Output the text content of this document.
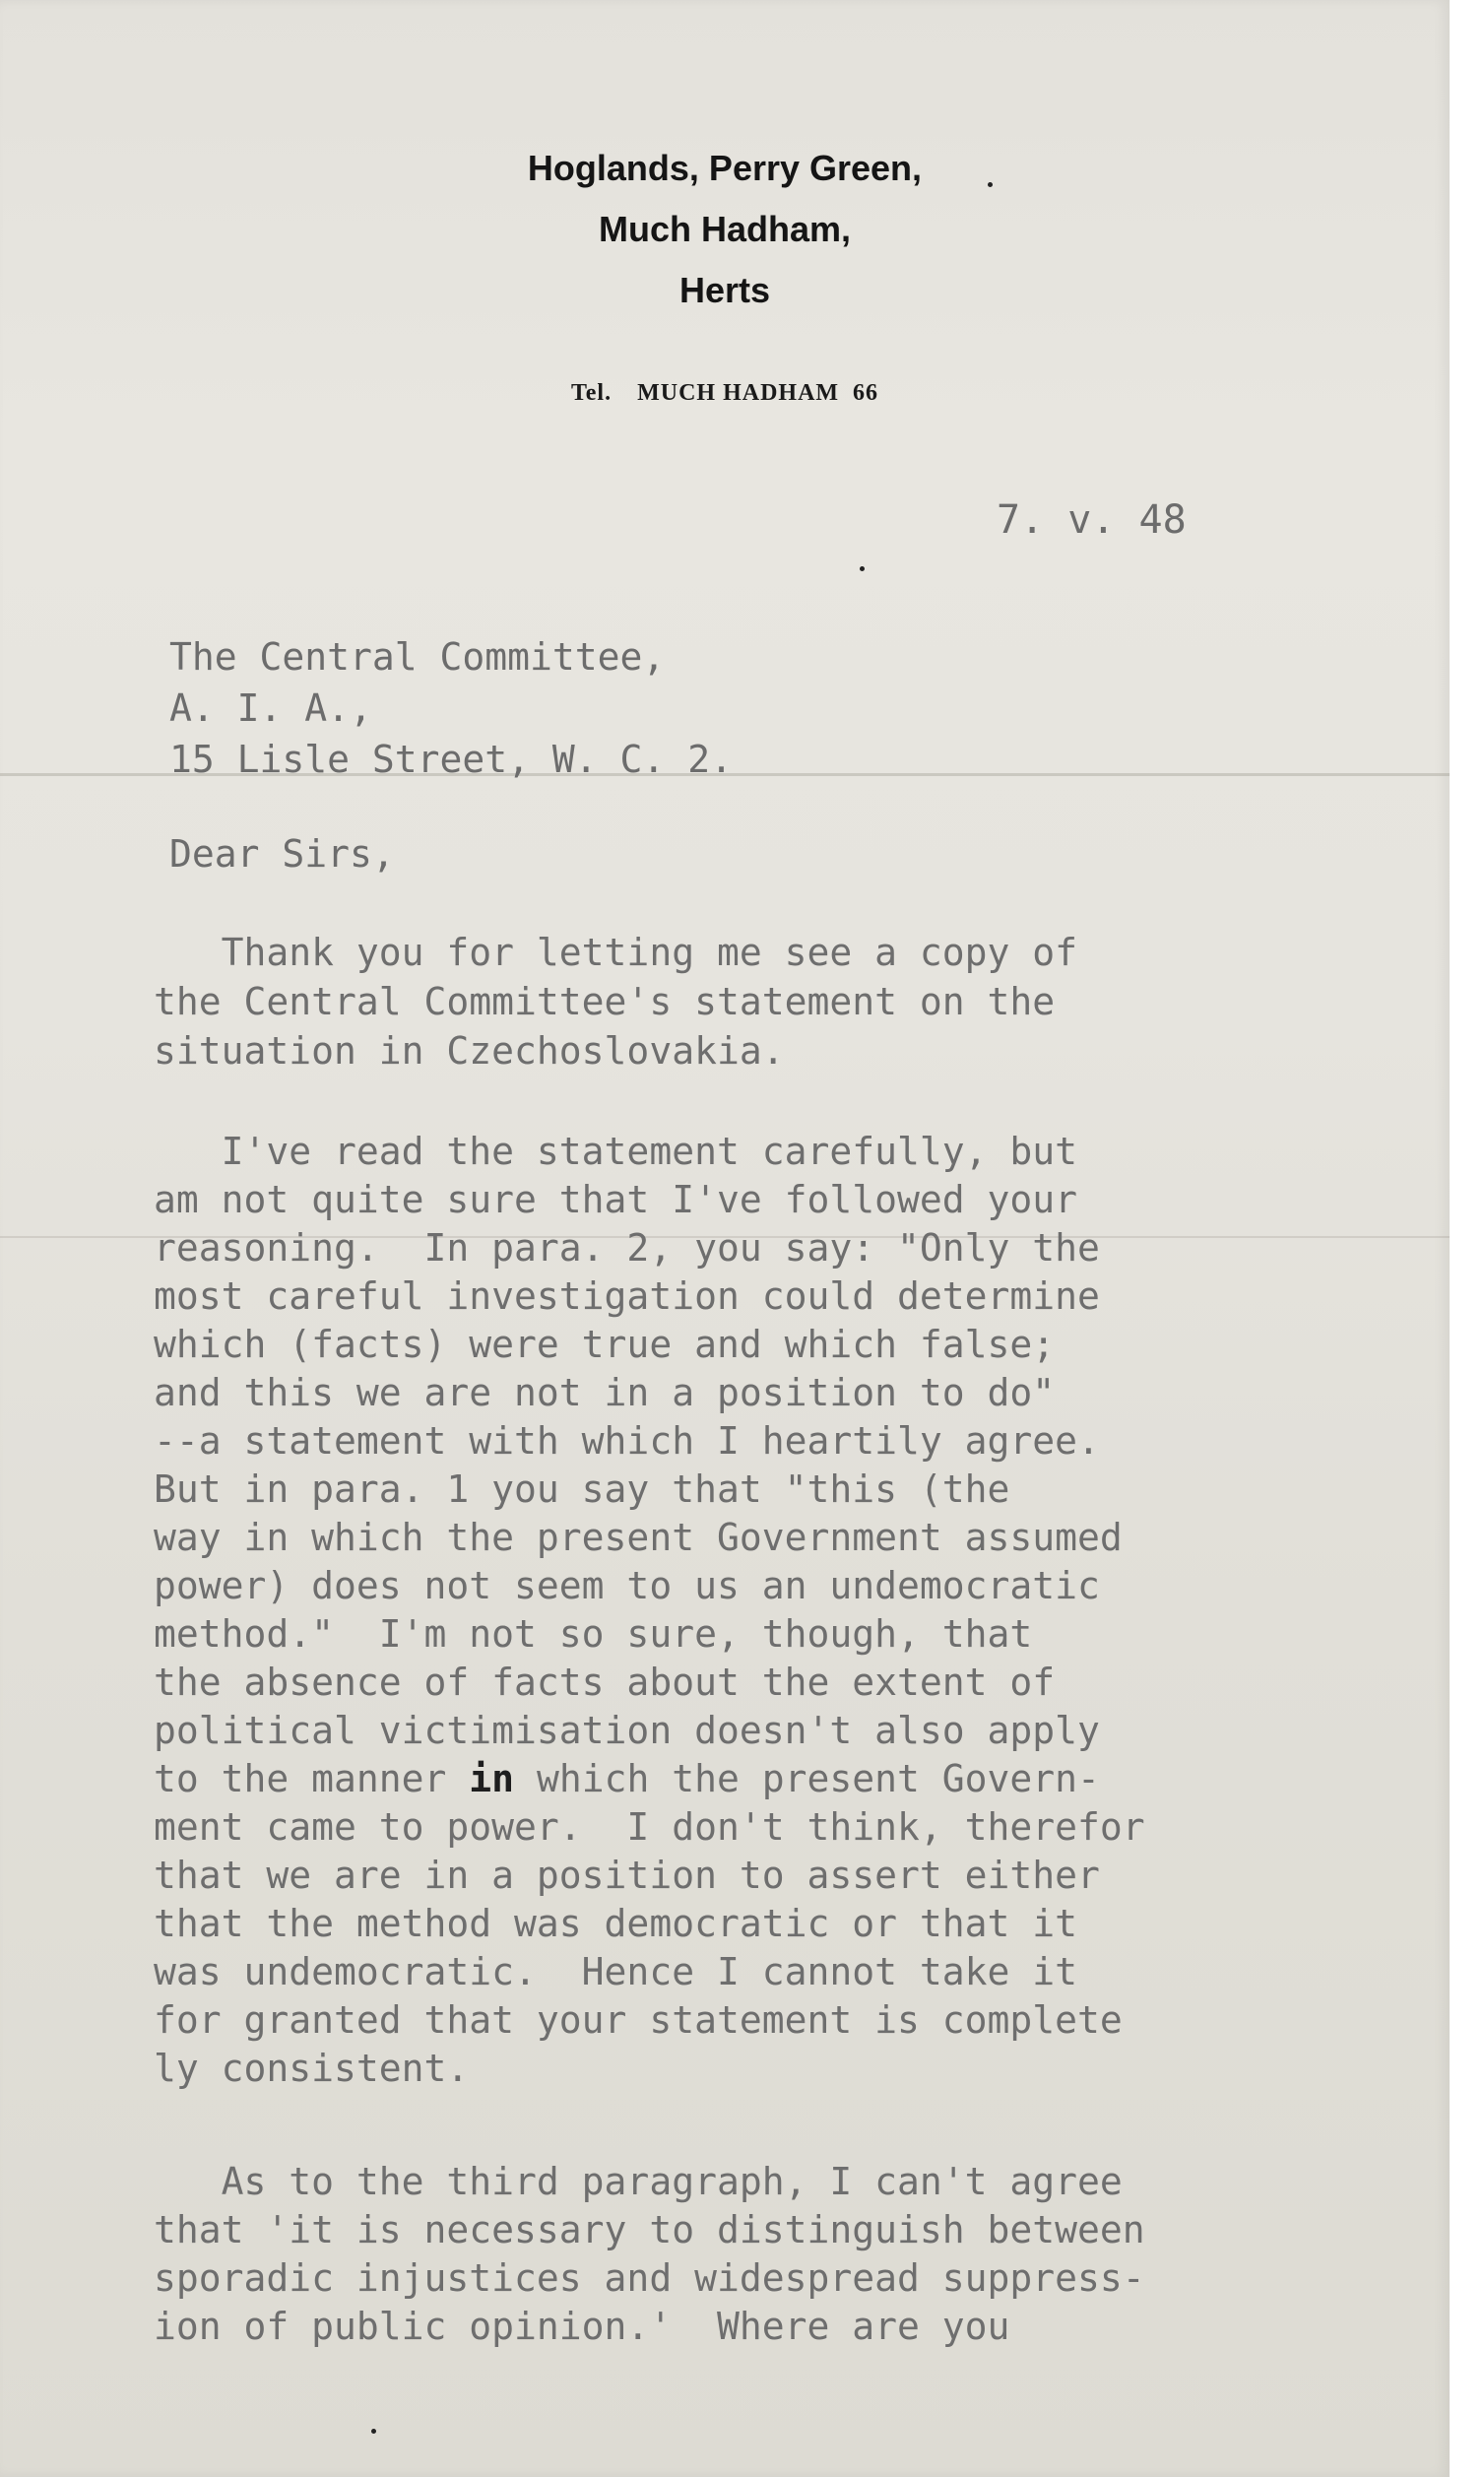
Hoglands, Perry Green,
Much Hadham,
Herts
Tel. MUCH HADHAM 66
7. v. 48
The Central Committee,
A. I. A.,
15 Lisle Street, W. C. 2.
Dear Sirs,
Thank you for letting me see a copy of
the Central Committee's statement on the
situation in Czechoslovakia.
I've read the statement carefully, but
am not quite sure that I've followed your
reasoning.  In para. 2, you say: "Only the
most careful investigation could determine
which (facts) were true and which false;
and this we are not in a position to do"
--a statement with which I heartily agree.
But in para. 1 you say that "this (the
way in which the present Government assumed
power) does not seem to us an undemocratic
method."  I'm not so sure, though, that
the absence of facts about the extent of
political victimisation doesn't also apply
to the manner in which the present Govern-
ment came to power.  I don't think, therefor
that we are in a position to assert either
that the method was democratic or that it
was undemocratic.  Hence I cannot take it
for granted that your statement is complete
ly consistent.
As to the third paragraph, I can't agree
that 'it is necessary to distinguish between
sporadic injustices and widespread suppress-
ion of public opinion.'  Where are you
